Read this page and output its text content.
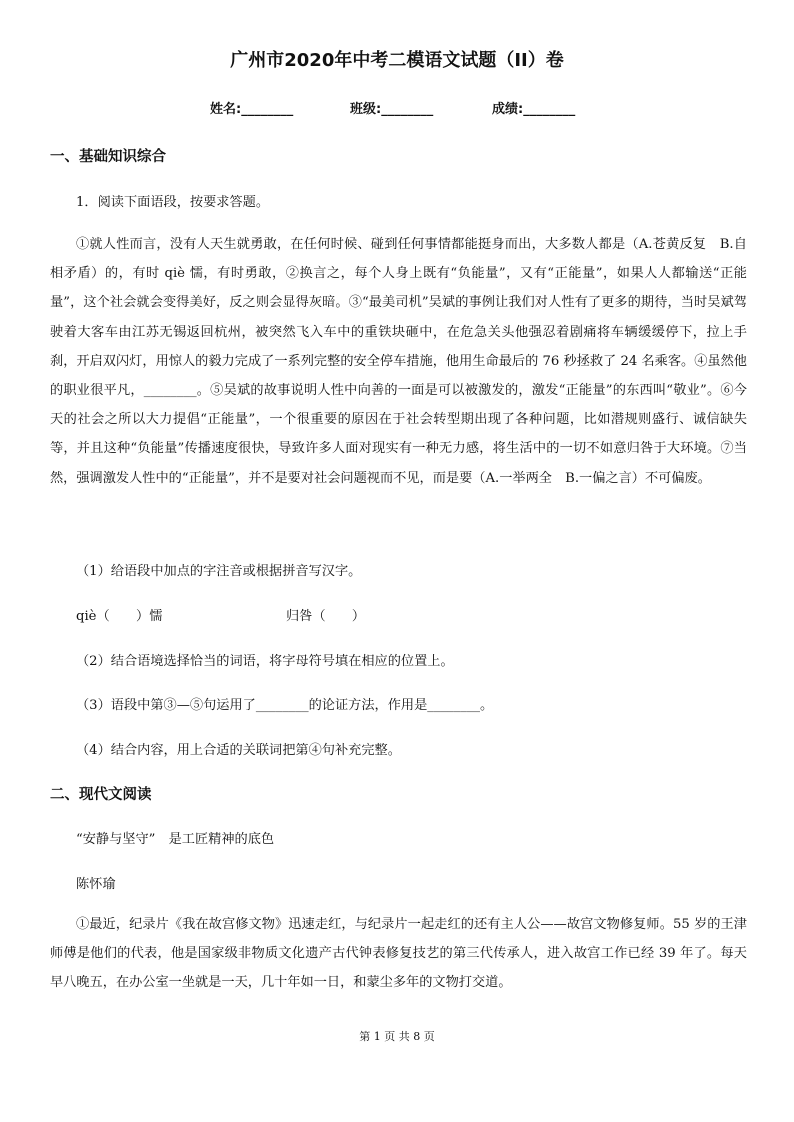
广州市2020年中考二模语文试题（II）卷
姓名:________	班级:________	成绩:________
一、基础知识综合
1．阅读下面语段，按要求答题。

①就人性而言，没有人天生就勇敢，在任何时候、碰到任何事情都能挺身而出，大多数人都是（A.苍黄反复　B.自相矛盾）的，有时 qiè 懦，有时勇敢，②换言之，每个人身上既有“负能量”，又有“正能量”，如果人人都输送“正能量”，这个社会就会变得美好，反之则会显得灰暗。③“最美司机”吴斌的事例让我们对人性有了更多的期待，当时吴斌驾驶着大客车由江苏无锡返回杭州，被突然飞入车中的重铁块砸中，在危急关头他强忍着剧痛将车辆缓缓停下，拉上手刹，开启双闪灯，用惊人的毅力完成了一系列完整的安全停车措施，他用生命最后的 76 秒拯救了 24 名乘客。④虽然他的职业很平凡，________。⑤吴斌的故事说明人性中向善的一面是可以被激发的，激发“正能量”的东西叫“敬业”。⑥今天的社会之所以大力提倡“正能量”，一个很重要的原因在于社会转型期出现了各种问题，比如潜规则盛行、诚信缺失等，并且这种“负能量”传播速度很快，导致许多人面对现实有一种无力感，将生活中的一切不如意归咎于大环境。⑦当然，强调激发人性中的“正能量”，并不是要对社会问题视而不见，而是要（A.一举两全　B.一偏之言）不可偏废。

（1）给语段中加点的字注音或根据拼音写汉字。
qiè（　　）懦	归咎（　　）
（2）结合语境选择恰当的词语，将字母符号填在相应的位置上。
（3）语段中第③—⑤句运用了________的论证方法，作用是________。
（4）结合内容，用上合适的关联词把第④句补充完整。
二、现代文阅读
“安静与坚守”　是工匠精神的底色
陈怀瑜

①最近，纪录片《我在故宫修文物》迅速走红，与纪录片一起走红的还有主人公——故宫文物修复师。55 岁的王津师傅是他们的代表，他是国家级非物质文化遗产古代钟表修复技艺的第三代传承人，进入故宫工作已经 39 年了。每天早八晚五，在办公室一坐就是一天，几十年如一日，和蒙尘多年的文物打交道。

第 1 页 共 8 页
